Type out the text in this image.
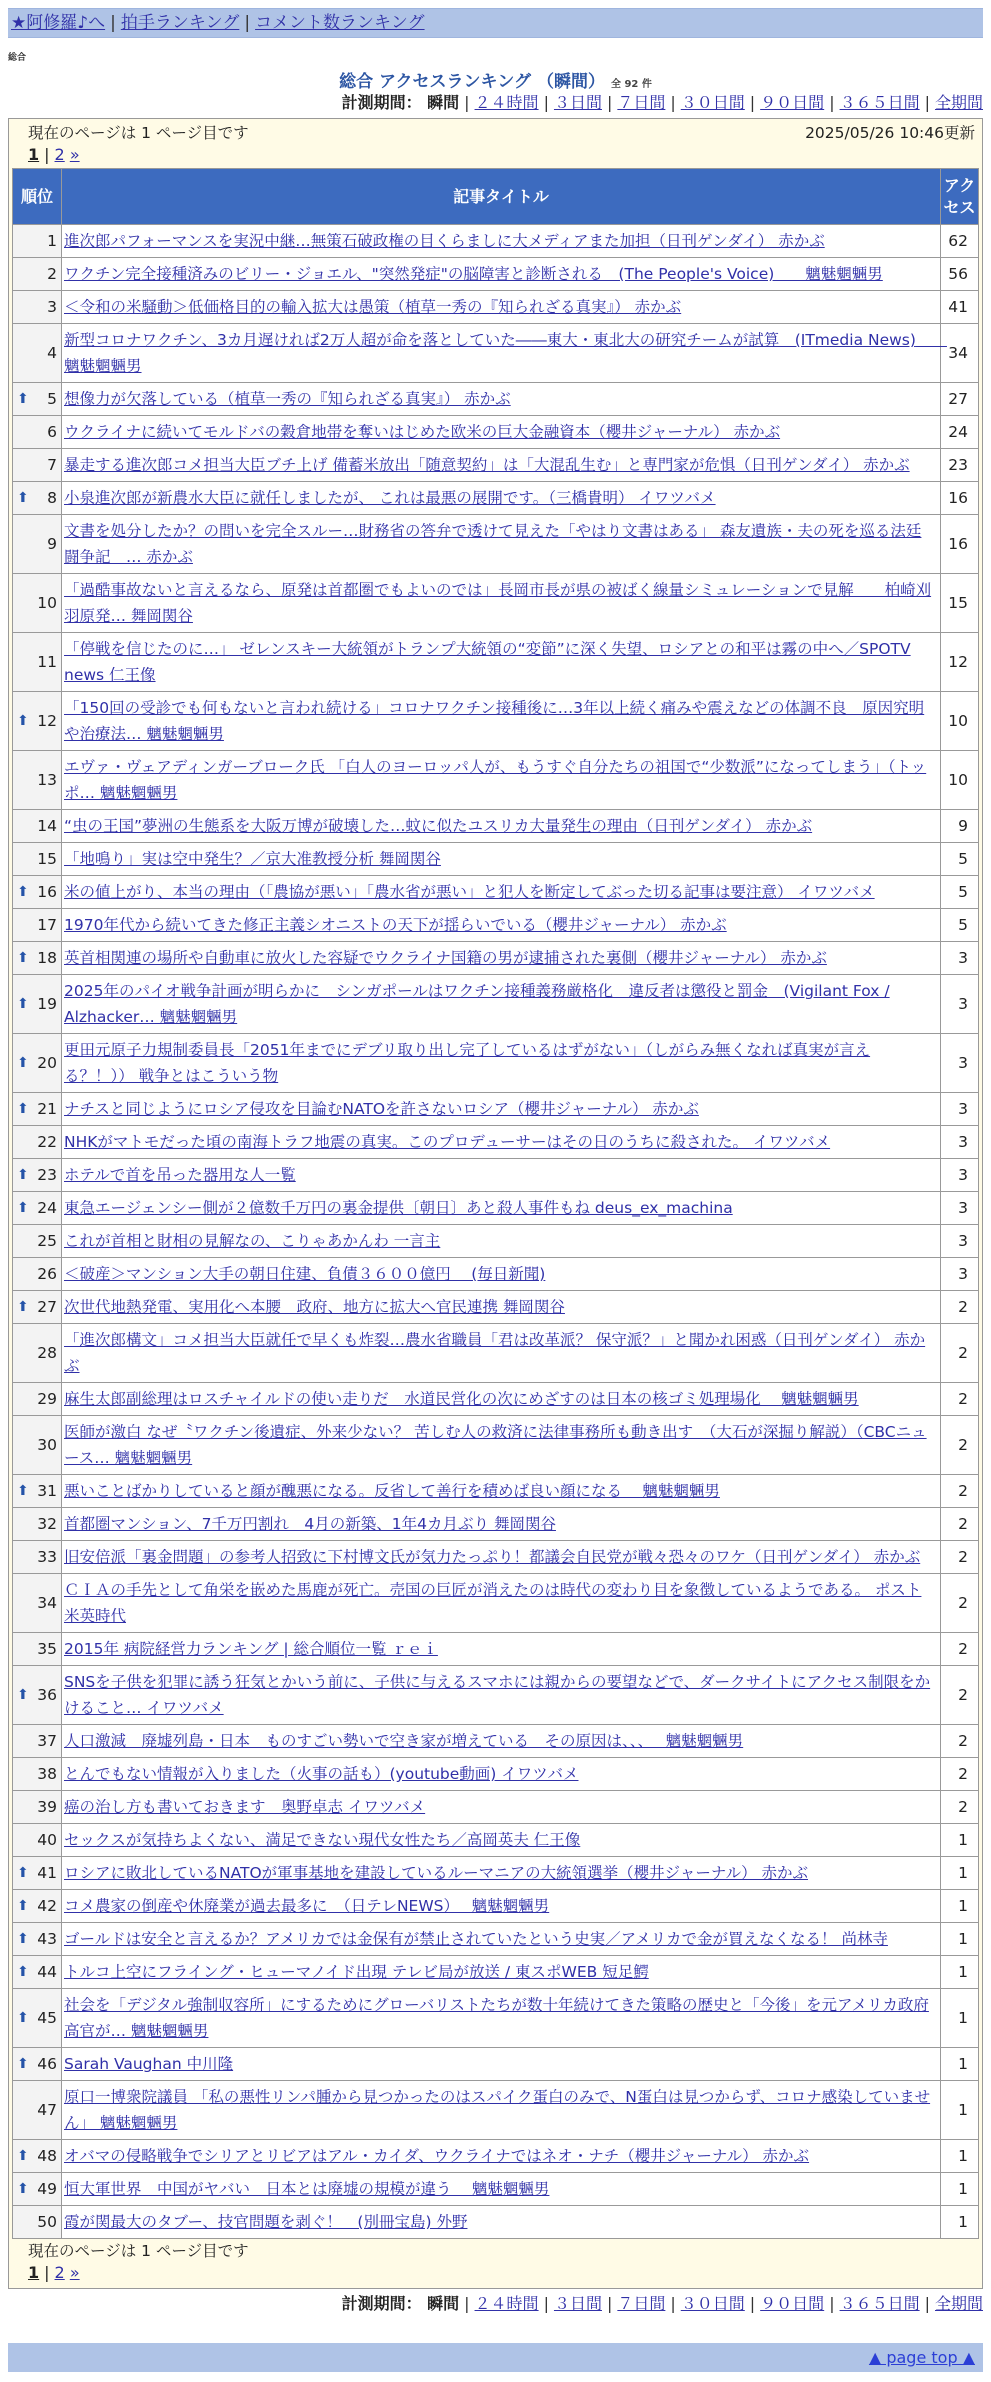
★阿修羅♪へ | 拍手ランキング | コメント数ランキング
総合
総合 アクセスランキング （瞬間） 全 92 件
計測期間： 瞬間 | ２４時間 | ３日間 | ７日間 | ３０日間 | ９０日間 | ３６５日間 | 全期間
現在のページは 1 ページ目です	2025/05/26 10:46更新
1 | 2 »
順位	記事タイトル	アクセス
1	進次郎パフォーマンスを実況中継…無策石破政権の目くらましに大メディアまた加担（日刊ゲンダイ） 赤かぶ	62
2	ワクチン完全接種済みのビリー・ジョエル、"突然発症"の脳障害と診断される　(The People's Voice)　　魑魅魍魎男	56
3	＜令和の米騒動＞低価格目的の輸入拡大は愚策（植草一秀の『知られざる真実』） 赤かぶ	41
4	新型コロナワクチン、3カ月遅ければ2万人超が命を落としていた――東大・東北大の研究チームが試算　(ITmedia News)　　魑魅魍魎男	34

⬆ 5	想像力が欠落している（植草一秀の『知られざる真実』） 赤かぶ	27
6	ウクライナに続いてモルドバの穀倉地帯を奪いはじめた欧米の巨大金融資本（櫻井ジャーナル） 赤かぶ	24
7	暴走する進次郎コメ担当大臣ブチ上げ 備蓄米放出「随意契約」は「大混乱生む」と専門家が危惧（日刊ゲンダイ） 赤かぶ	23

⬆ 8	小泉進次郎が新農水大臣に就任しましたが、 これは最悪の展開です。（三橋貴明） イワツバメ	16
9	文書を処分したか？の問いを完全スルー…財務省の答弁で透けて見えた「やはり文書はある」 森友遺族・夫の死を巡る法廷闘争記　… 赤かぶ	16
10	「過酷事故ないと言えるなら、原発は首都圏でもよいのでは」長岡市長が県の被ばく線量シミュレーションで見解　　柏崎刈羽原発… 舞岡関谷	15
11	「停戦を信じたのに…」 ゼレンスキー大統領がトランプ大統領の“変節”に深く失望、ロシアとの和平は霧の中へ／SPOTV news 仁王像	12

⬆ 12	「150回の受診でも何もないと言われ続ける」コロナワクチン接種後に…3年以上続く痛みや震えなどの体調不良　原因究明や治療法… 魑魅魍魎男	10
13	エヴァ・ヴェアディンガーブローク氏 「白人のヨーロッパ人が、もうすぐ自分たちの祖国で“少数派”になってしまう」（トッポ… 魑魅魍魎男	10
14	“虫の王国”夢洲の生態系を大阪万博が破壊した…蚊に似たユスリカ大量発生の理由（日刊ゲンダイ） 赤かぶ	9
15	「地鳴り」実は空中発生？／京大准教授分析 舞岡関谷	5

⬆ 16	米の値上がり、本当の理由（「農協が悪い」「農水省が悪い」と犯人を断定してぶった切る記事は要注意） イワツバメ	5
17	1970年代から続いてきた修正主義シオニストの天下が揺らいでいる（櫻井ジャーナル） 赤かぶ	5

⬆ 18	英首相関連の場所や自動車に放火した容疑でウクライナ国籍の男が逮捕された裏側（櫻井ジャーナル） 赤かぶ	3

⬆ 19	2025年のパイオ戦争計画が明らかに　シンガポールはワクチン接種義務厳格化　違反者は懲役と罰金　(Vigilant Fox / Alzhacker… 魑魅魍魎男	3

⬆ 20	更田元原子力規制委員長「2051年までにデブリ取り出し完了しているはずがない」（しがらみ無くなれば真実が言える？！）） 戦争とはこういう物	3

⬆ 21	ナチスと同じようにロシア侵攻を目論むNATOを許さないロシア（櫻井ジャーナル） 赤かぶ	3
22	NHKがマトモだった頃の南海トラフ地震の真実。このプロデューサーはその日のうちに殺された。 イワツバメ	3

⬆ 23	ホテルで首を吊った器用な人一覧	3

⬆ 24	東急エージェンシー側が２億数千万円の裏金提供〔朝日〕あと殺人事件もね deus_ex_machina	3
25	これが首相と財相の見解なの、こりゃあかんわ 一言主	3
26	＜破産＞マンション大手の朝日住建、負債３６００億円 　(毎日新聞)	3

⬆ 27	次世代地熱発電、実用化へ本腰　政府、地方に拡大へ官民連携 舞岡関谷	2
28	「進次郎構文」コメ担当大臣就任で早くも炸裂…農水省職員「君は改革派？ 保守派？」と聞かれ困惑（日刊ゲンダイ） 赤かぶ	2
29	麻生太郎副総理はロスチャイルドの使い走りだ　水道民営化の次にめざすのは日本の核ゴミ処理場化　 魑魅魍魎男	2
30	医師が激白 なぜ〝ワクチン後遺症、外来少ない？ 苦しむ人の救済に法律事務所も動き出す　（大石が深掘り解説）（CBCニュース… 魑魅魍魎男	2

⬆ 31	悪いことばかりしていると顔が醜悪になる。反省して善行を積めば良い顔になる　 魑魅魍魎男	2
32	首都圏マンション、7千万円割れ　4月の新築、1年4カ月ぶり 舞岡関谷	2
33	旧安倍派「裏金問題」の参考人招致に下村博文氏が気力たっぷり！都議会自民党が戦々恐々のワケ（日刊ゲンダイ） 赤かぶ	2
34	ＣＩＡの手先として角栄を嵌めた馬鹿が死亡。売国の巨匠が消えたのは時代の変わり目を象徴しているようである。 ポスト米英時代	2
35	2015年 病院経営力ランキング | 総合順位一覧 ｒｅｉ	2

⬆ 36	SNSを子供を犯罪に誘う狂気とかいう前に、子供に与えるスマホには親からの要望などで、ダークサイトにアクセス制限をかけること… イワツバメ	2
37	人口激減　廃墟列島・日本　ものすごい勢いで空き家が増えている　その原因は、、、　 魑魅魍魎男	2
38	とんでもない情報が入りました（火事の話も）(youtube動画) イワツバメ	2
39	癌の治し方も書いておきます　奥野卓志 イワツバメ	2
40	セックスが気持ちよくない、満足できない現代女性たち／高岡英夫 仁王像	1

⬆ 41	ロシアに敗北しているNATOが軍事基地を建設しているルーマニアの大統領選挙（櫻井ジャーナル） 赤かぶ	1

⬆ 42	コメ農家の倒産や休廃業が過去最多に　（日テレNEWS）　 魑魅魍魎男	1

⬆ 43	ゴールドは安全と言えるか？アメリカでは金保有が禁止されていたという史実／アメリカで金が買えなくなる！ 尚林寺	1

⬆ 44	トルコ上空にフライング・ヒューマノイド出現 テレビ局が放送 / 東スポWEB 短足鰐	1

⬆ 45	社会を「デジタル強制収容所」にするためにグローバリストたちが数十年続けてきた策略の歴史と「今後」を元アメリカ政府高官が… 魑魅魍魎男	1

⬆ 46	Sarah Vaughan 中川隆	1
47	原口一博衆院議員 「私の悪性リンパ腫から見つかったのはスパイク蛋白のみで、N蛋白は見つからず、コロナ感染していません」 魑魅魍魎男	1

⬆ 48	オバマの侵略戦争でシリアとリビアはアル・カイダ、ウクライナではネオ・ナチ（櫻井ジャーナル） 赤かぶ	1

⬆ 49	恒大軍世界　中国がヤバい　日本とは廃墟の規模が違う　 魑魅魍魎男	1
50	霞が関最大のタブー、技官問題を剥ぐ！　(別冊宝島) 外野	1
現在のページは 1 ページ目です
1 | 2 »
計測期間： 瞬間 | ２４時間 | ３日間 | ７日間 | ３０日間 | ９０日間 | ３６５日間 | 全期間
▲ page top ▲
